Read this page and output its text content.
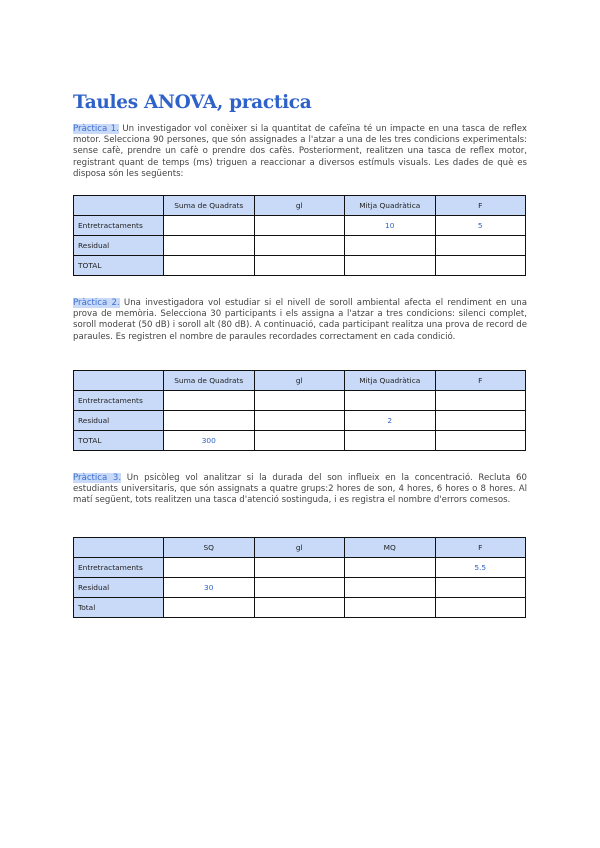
Taules ANOVA, practica
Pràctica 1. Un investigador vol conèixer si la quantitat de cafeïna té un impacte en una tasca de reflex motor. Selecciona 90 persones, que són assignades a l'atzar a una de les tres condicions experimentals: sense cafè, prendre un cafè o prendre dos cafès. Posteriorment, realitzen una tasca de reflex motor, registrant quant de temps (ms) triguen a reaccionar a diversos estímuls visuals. Les dades de què es disposa són les següents:
	Suma de Quadrats	gl	Mitja Quadràtica	F
Entretractaments			10	5
Residual				
TOTAL				
Pràctica 2. Una investigadora vol estudiar si el nivell de soroll ambiental afecta el rendiment en una prova de memòria. Selecciona 30 participants i els assigna a l'atzar a tres condicions: silenci complet, soroll moderat (50 dB) i soroll alt (80 dB). A continuació, cada participant realitza una prova de record de paraules. Es registren el nombre de paraules recordades correctament en cada condició.
	Suma de Quadrats	gl	Mitja Quadràtica	F
Entretractaments				
Residual			2	
TOTAL	300			
Pràctica 3. Un psicòleg vol analitzar si la durada del son influeix en la concentració. Recluta 60 estudiants universitaris, que són assignats a quatre grups:2 hores de son, 4 hores, 6 hores o 8 hores. Al matí següent, tots realitzen una tasca d'atenció sostinguda, i es registra el nombre d'errors comesos.
	SQ	gl	MQ	F
Entretractaments				5.5
Residual	30			
Total				
